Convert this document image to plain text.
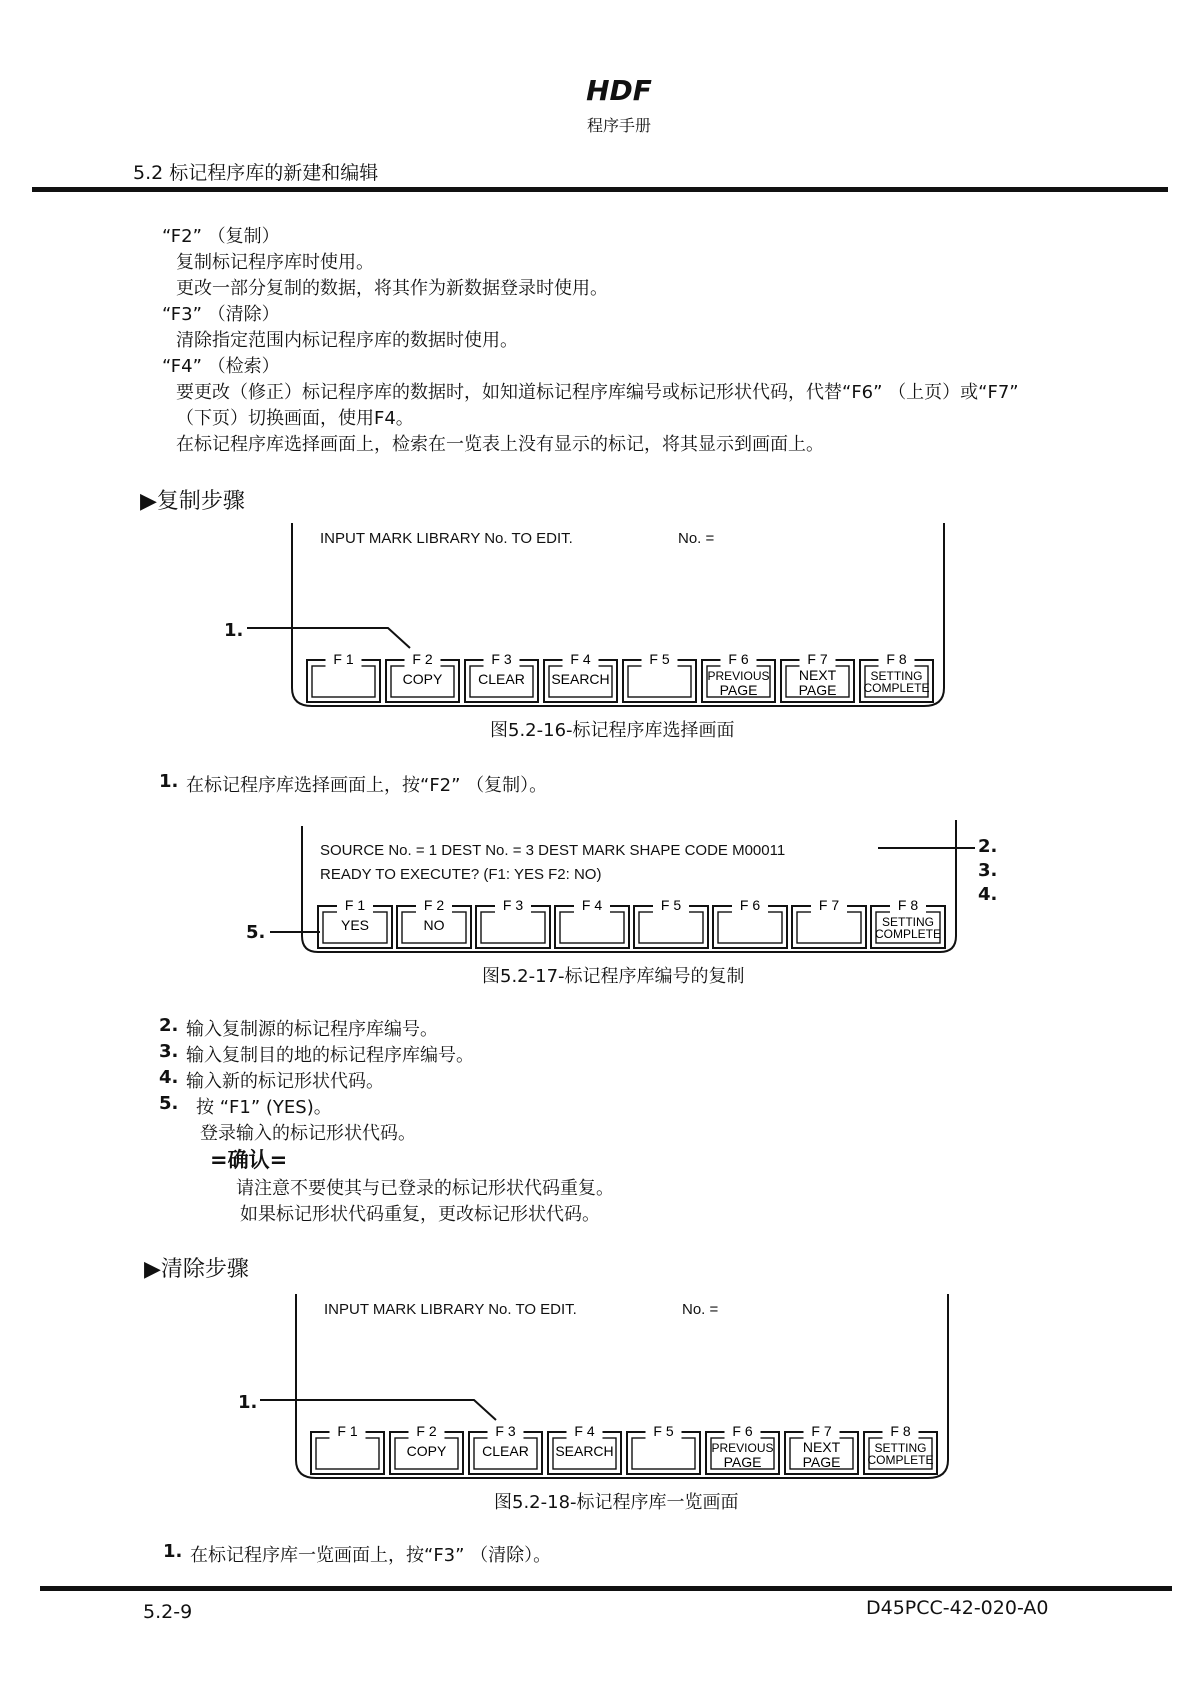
HDF
程序手册
5.2 标记程序库的新建和编辑
“F2” （复制）
复制标记程序库时使用。
更改一部分复制的数据，将其作为新数据登录时使用。
“F3” （清除）
清除指定范围内标记程序库的数据时使用。
“F4” （检索）
要更改（修正）标记程序库的数据时，如知道标记程序库编号或标记形状代码，代替“F6” （上页）或“F7”
（下页）切换画面，使用F4。
在标记程序库选择画面上，检索在一览表上没有显示的标记，将其显示到画面上。
▶复制步骤
F 1	F 2
COPY
F 3
CLEAR
F 4
SEARCH
F 5	F 6
PREVIOUS
PAGE
F 7
NEXT
PAGE
F 8
SETTING
COMPLETE
F 1
YES
F 2
NO
F 3	F 4	F 5	F 6	F 7	F 8
SETTING
COMPLETE
F 1	F 2
COPY
F 3
CLEAR
F 4
SEARCH
F 5	F 6
PREVIOUS
PAGE
F 7
NEXT
PAGE
F 8
SETTING
COMPLETE
INPUT MARK LIBRARY No. TO EDIT.	No. =
1.
图5.2-16-标记程序库选择画面
1. 在标记程序库选择画面上，按“F2” （复制）。
SOURCE No. = 1 DEST No. = 3 DEST MARK SHAPE CODE M00011
READY TO EXECUTE? (F1: YES F2: NO)
2.
3.
4.
5.
图5.2-17-标记程序库编号的复制
2. 输入复制源的标记程序库编号。
3. 输入复制目的地的标记程序库编号。
4. 输入新的标记形状代码。
5. 按 “F1” (YES)。
登录输入的标记形状代码。
=确认=
请注意不要使其与已登录的标记形状代码重复。
如果标记形状代码重复，更改标记形状代码。
▶清除步骤
INPUT MARK LIBRARY No. TO EDIT.	No. =
1.
图5.2-18-标记程序库一览画面
1. 在标记程序库一览画面上，按“F3” （清除）。
5.2-9	D45PCC-42-020-A0
